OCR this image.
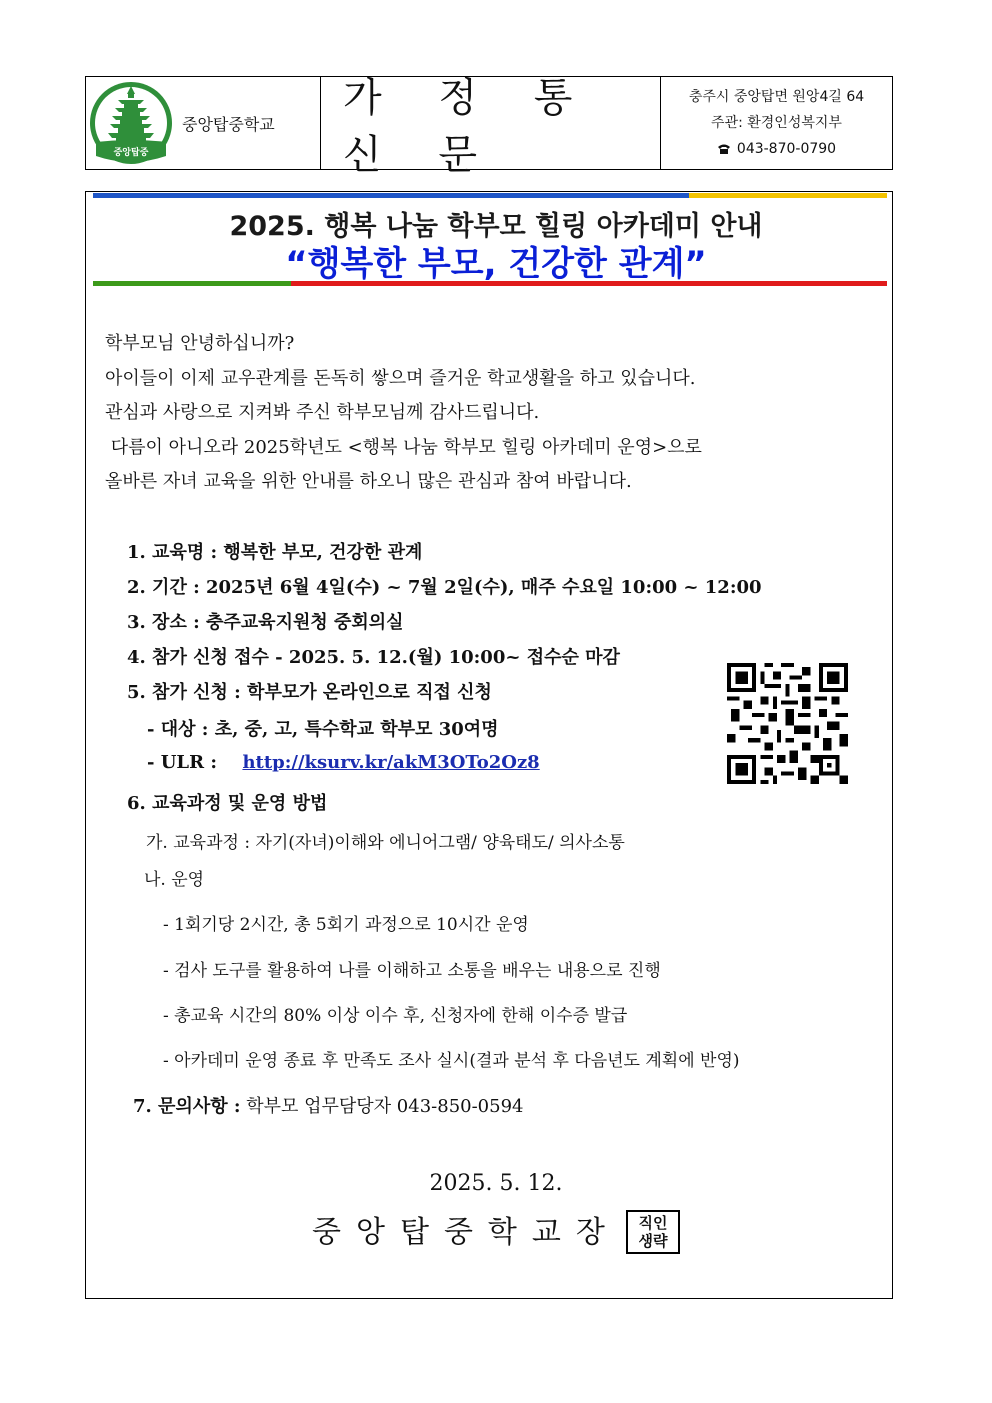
중앙탑중
중앙탑중학교
가 정 통 신 문
충주시 중앙탑면 원앙4길 64
주관: 환경인성복지부
043-870-0790
2025. 행복 나눔 학부모 힐링 아카데미 안내
“행복한 부모, 건강한 관계”

학부모님 안녕하십니까?

아이들이 이제 교우관계를 돈독히 쌓으며 즐거운 학교생활을 하고 있습니다.

관심과 사랑으로 지켜봐 주신 학부모님께 감사드립니다.

다름이 아니오라 2025학년도 <행복 나눔 학부모 힐링 아카데미 운영>으로

올바른 자녀 교육을 위한 안내를 하오니 많은 관심과 참여 바랍니다.

1. 교육명 : 행복한 부모, 건강한 관계
2. 기간 : 2025년 6월 4일(수) ~ 7월 2일(수), 매주 수요일 10:00 ~ 12:00
3. 장소 : 충주교육지원청 중회의실
4. 참가 신청 접수 - 2025. 5. 12.(월) 10:00~ 접수순 마감
5. 참가 신청 : 학부모가 온라인으로 직접 신청
- 대상 : 초, 중, 고, 특수학교 학부모 30여명
- ULR : http://ksurv.kr/akM3OTo2Oz8
6. 교육과정 및 운영 방법
가. 교육과정 : 자기(자녀)이해와 에니어그램/ 양육태도/ 의사소통
나. 운영
- 1회기당 2시간, 총 5회기 과정으로 10시간 운영
- 검사 도구를 활용하여 나를 이해하고 소통을 배우는 내용으로 진행
- 총교육 시간의 80% 이상 이수 후, 신청자에 한해 이수증 발급
- 아카데미 운영 종료 후 만족도 조사 실시(결과 분석 후 다음년도 계획에 반영)
7. 문의사항 : 학부모 업무담당자 043-850-0594
2025. 5. 12.
중앙탑중학교장	직인
생략
